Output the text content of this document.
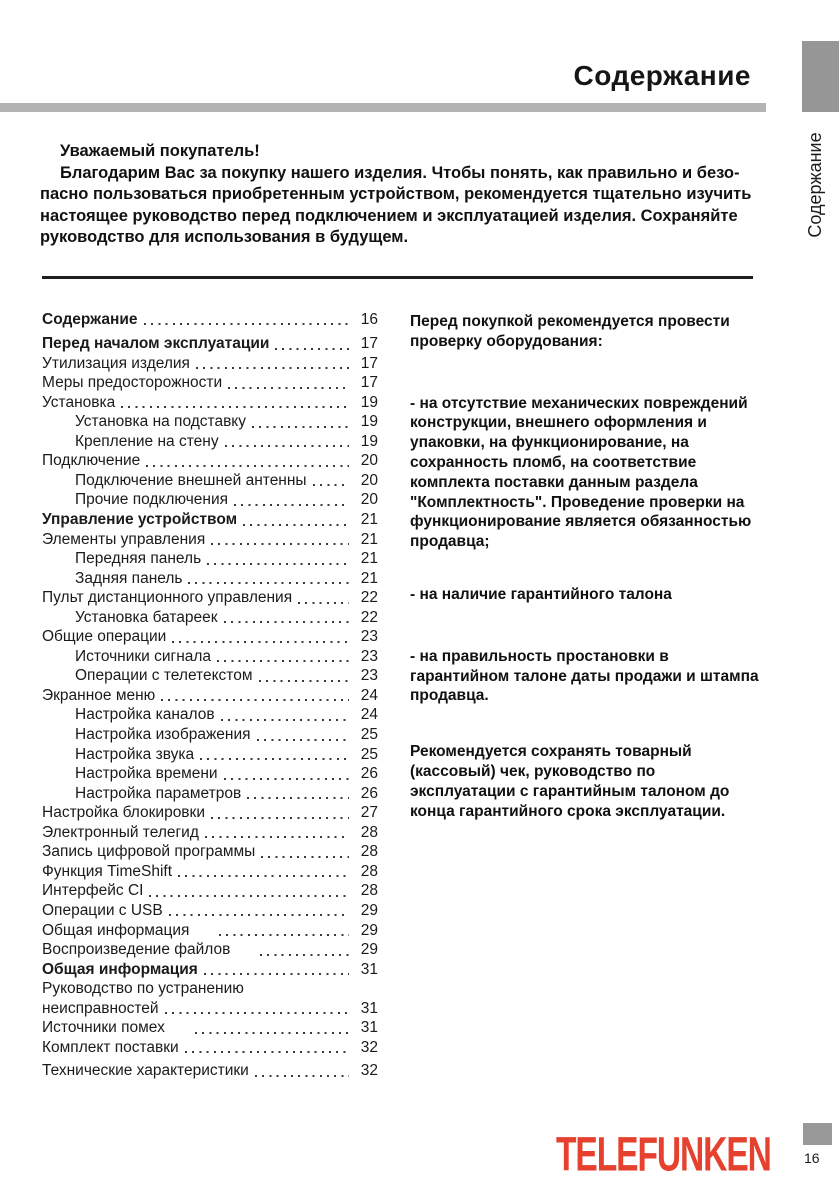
Содержание
Содержание
Уважаемый покупатель!
Благодарим Вас за покупку нашего изделия. Чтобы понять, как правильно и безо-
пасно пользоваться приобретенным устройством, рекомендуется тщательно изучить
настоящее руководство перед подключением и эксплуатацией изделия. Сохраняйте
руководство для использования в будущем.
Содержание	16
Перед началом эксплуатации	17
Утилизация изделия	17
Меры предосторожности	17
Установка	19
Установка на подставку	19
Крепление на стену	19
Подключение	20
Подключение внешней антенны	20
Прочие подключения	20
Управление устройством	21
Элементы управления	21
Передняя панель	21
Задняя панель	21
Пульт дистанционного управления	22
Установка батареек	22
Общие операции	23
Источники сигнала	23
Операции с телетекстом	23
Экранное меню	24
Настройка каналов	24
Настройка изображения	25
Настройка звука	25
Настройка времени	26
Настройка параметров	26
Настройка блокировки	27
Электронный телегид	28
Запись цифровой программы	28
Функция TimeShift	28
Интерфейс CI	28
Операции с USB	29
Общая информация	29
Воспроизведение файлов	29
Общая информация	31
Руководство по устранению
неисправностей	31
Источники помех	31
Комплект поставки	32
Технические характеристики	32

Перед покупкой рекомендуется провести проверку оборудования:

- на отсутствие механических повреждений конструкции, внешнего оформления и упаковки, на функционирование, на сохранность пломб, на соответствие комплекта поставки данным раздела "Комплектность". Проведение проверки на функционирование является обязанностью продавца;

- на наличие гарантийного талона

- на правильность простановки в гарантийном талоне даты продажи и штампа продавца.

Рекомендуется сохранять товарный (кассовый) чек, руководство по эксплуатации с гарантийным талоном до конца гарантийного срока эксплуатации.

TELEFUNKEN 16
